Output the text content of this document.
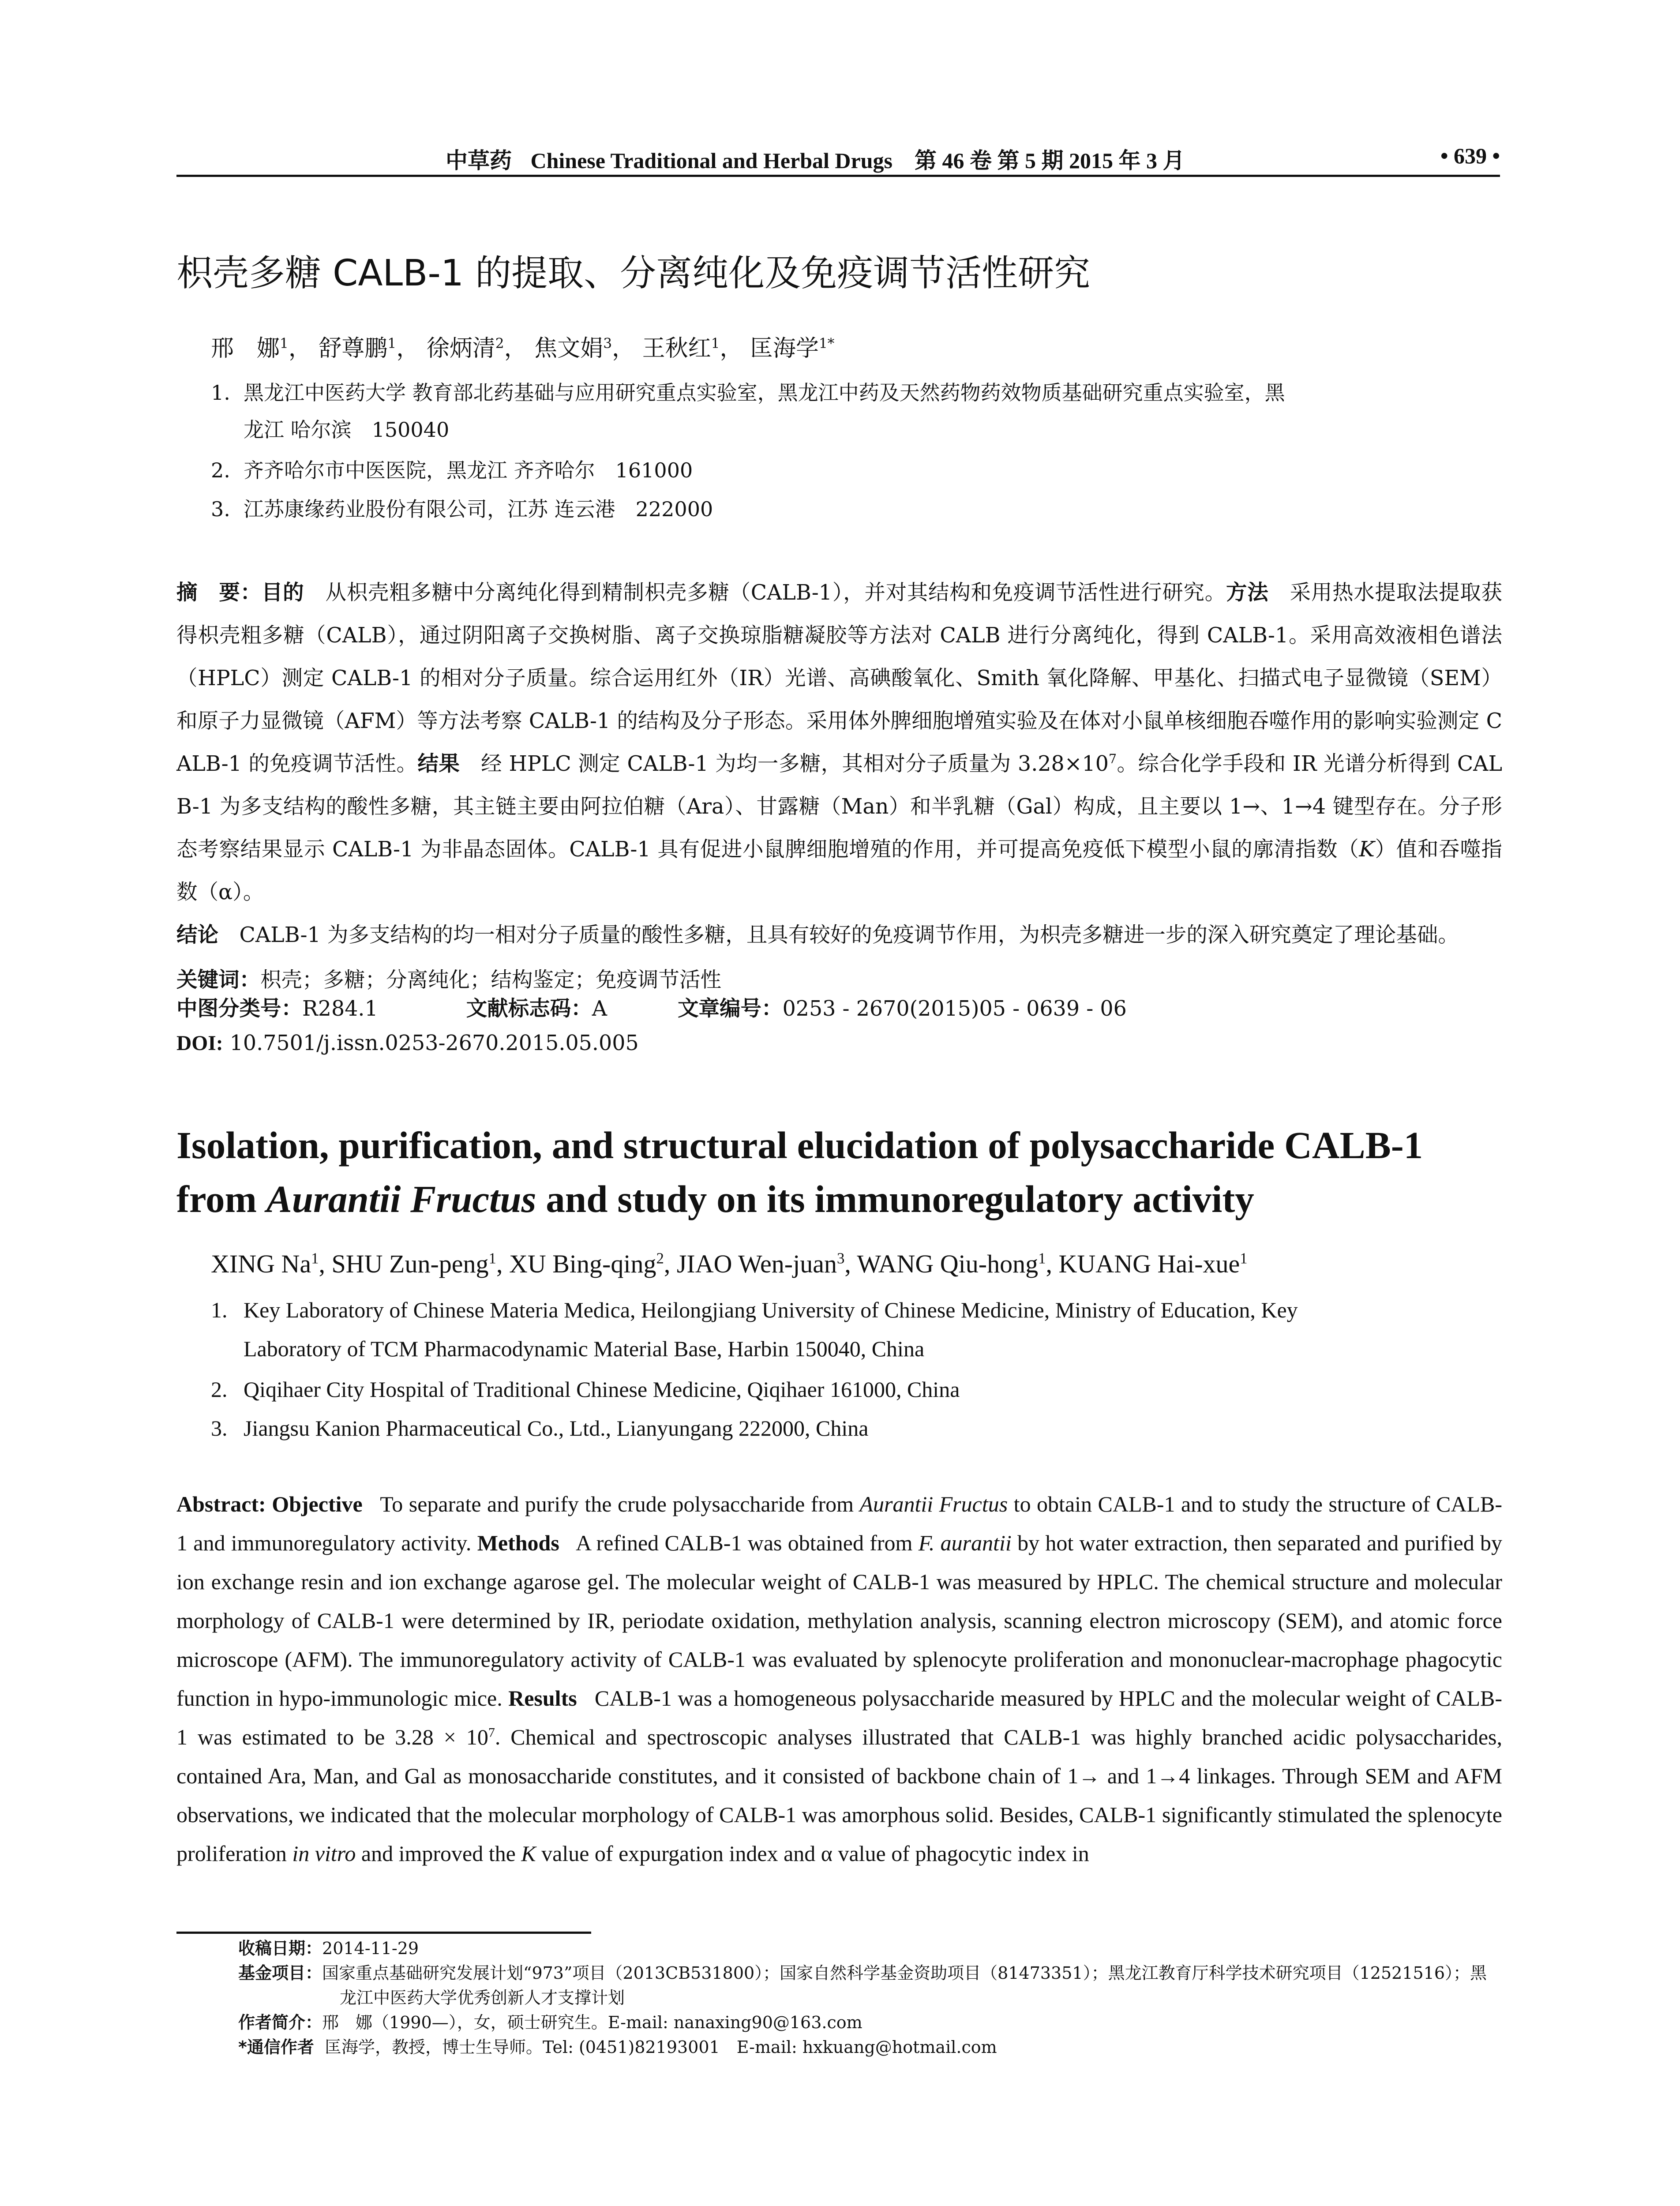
中草药 Chinese Traditional and Herbal Drugs 第 46 卷 第 5 期 2015 年 3 月	• 639 •
枳壳多糖 CALB-1 的提取、分离纯化及免疫调节活性研究
邢　娜$^1$， 舒尊鹏$^1$， 徐炳清$^2$， 焦文娟$^3$， 王秋红$^1$， 匡海学$^{1*}$
1. 黑龙江中医药大学 教育部北药基础与应用研究重点实验室，黑龙江中药及天然药物药效物质基础研究重点实验室，黑
龙江 哈尔滨　150040
2. 齐齐哈尔市中医医院，黑龙江 齐齐哈尔　161000
3. 江苏康缘药业股份有限公司，江苏 连云港　222000
摘　要：目的　 从枳壳粗多糖中分离纯化得到精制枳壳多糖（CALB-1），并对其结构和免疫调节活性进行研究。方法　 采用热水提取法提取获得枳壳粗多糖（CALB），通过阴阳离子交换树脂、离子交换琼脂糖凝胶等方法对 CALB 进行分离纯化，得到 CALB-1。采用高效液相色谱法（HPLC）测定 CALB-1 的相对分子质量。综合运用红外（IR）光谱、高碘酸氧化、Smith 氧化降解、甲基化、扫描式电子显微镜（SEM）和原子力显微镜（AFM）等方法考察 CALB-1 的结构及分子形态。采用体外脾细胞增殖实验及在体对小鼠单核细胞吞噬作用的影响实验测定 CALB-1 的免疫调节活性。结果　 经 HPLC 测定 CALB-1 为均一多糖，其相对分子质量为 $3.28\times 10^7$。综合化学手段和 IR 光谱分析得到 CALB-1 为多支结构的酸性多糖，其主链主要由阿拉伯糖（Ara）、甘露糖（Man）和半乳糖（Gal）构成，且主要以 1→、1→4 键型存在。分子形态考察结果显示 CALB-1 为非晶态固体。CALB-1 具有促进小鼠脾细胞增殖的作用，并可提高免疫低下模型小鼠的廓清指数（K）值和吞噬指数（α）。
结论　 CALB-1 为多支结构的均一相对分子质量的酸性多糖，且具有较好的免疫调节作用，为枳壳多糖进一步的深入研究奠定了理论基础。
关键词：枳壳；多糖；分离纯化；结构鉴定；免疫调节活性
中图分类号：R284.1	文献标志码：A	文章编号：0253 - 2670(2015)05 - 0639 - 06
DOI: 10.7501/j.issn.0253-2670.2015.05.005
Isolation, purification, and structural elucidation of polysaccharide CALB-1
from Aurantii Fructus and study on its immunoregulatory activity
XING Na$^1$, SHU Zun-peng$^1$, XU Bing-qing$^2$, JIAO Wen-juan$^3$, WANG Qiu-hong$^1$, KUANG Hai-xue$^1$
1. Key Laboratory of Chinese Materia Medica, Heilongjiang University of Chinese Medicine, Ministry of Education, Key
Laboratory of TCM Pharmacodynamic Material Base, Harbin 150040, China
2. Qiqihaer City Hospital of Traditional Chinese Medicine, Qiqihaer 161000, China
3. Jiangsu Kanion Pharmaceutical Co., Ltd., Lianyungang 222000, China
Abstract: Objective To separate and purify the crude polysaccharide from Aurantii Fructus to obtain CALB-1 and to study the structure of CALB-1 and immunoregulatory activity. Methods A refined CALB-1 was obtained from F. aurantii by hot water extraction, then separated and purified by ion exchange resin and ion exchange agarose gel. The molecular weight of CALB-1 was measured by HPLC. The chemical structure and molecular morphology of CALB-1 were determined by IR, periodate oxidation, methylation analysis, scanning electron microscopy (SEM), and atomic force microscope (AFM). The immunoregulatory activity of CALB-1 was evaluated by splenocyte proliferation and mononuclear-macrophage phagocytic function in hypo-immunologic mice. Results CALB-1 was a homogeneous polysaccharide measured by HPLC and the molecular weight of CALB-1 was estimated to be $3.28 \times 10^7$. Chemical and spectroscopic analyses illustrated that CALB-1 was highly branched acidic polysaccharides, contained Ara, Man, and Gal as monosaccharide constitutes, and it consisted of backbone chain of 1→ and 1→4 linkages. Through SEM and AFM observations, we indicated that the molecular morphology of CALB-1 was amorphous solid. Besides, CALB-1 significantly stimulated the splenocyte proliferation in vitro and improved the K value of expurgation index and α value of phagocytic index in
收稿日期：2014-11-29
基金项目：国家重点基础研究发展计划“973”项目（2013CB531800）；国家自然科学基金资助项目（81473351）；黑龙江教育厅科学技术研究项目（12521516）；黑龙江中医药大学优秀创新人才支撑计划
作者简介：邢　娜（1990—），女，硕士研究生。E-mail: nanaxing90@163.com
*通信作者 匡海学，教授，博士生导师。Tel: (0451)82193001　E-mail: hxkuang@hotmail.com
